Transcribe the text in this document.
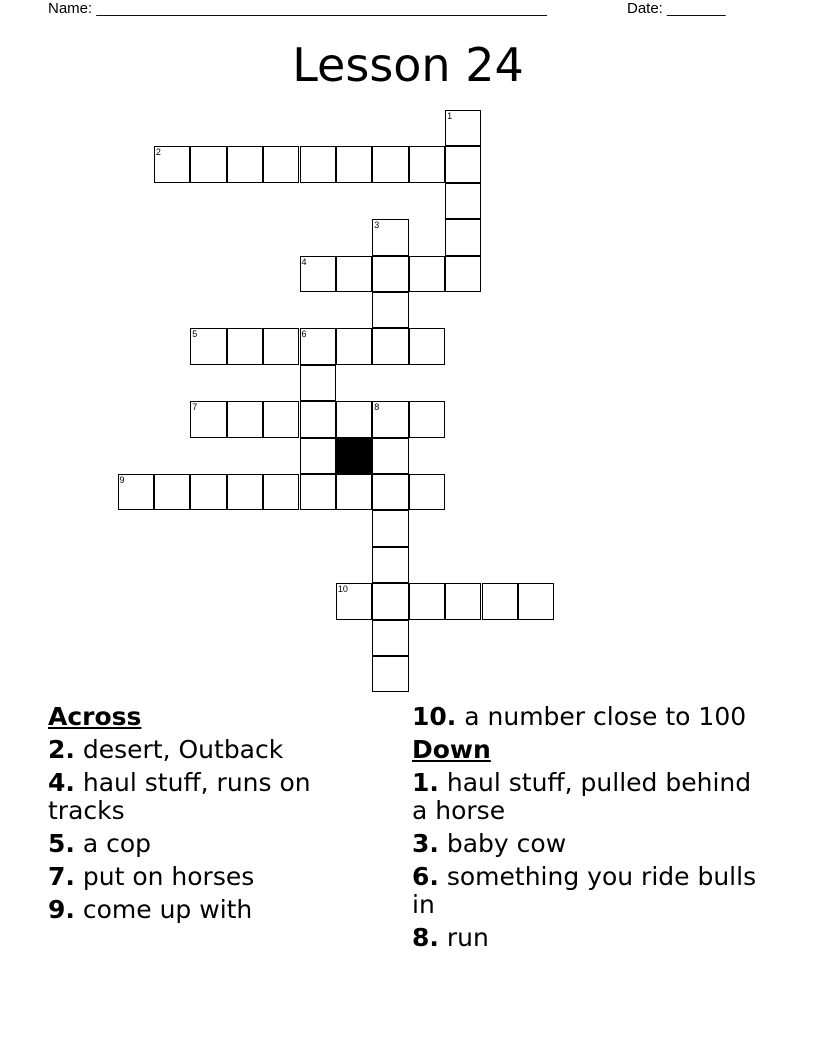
Name: ______________________________________________________	Date: _______
Lesson 24
1
2
3
4
5	6
7	8
9
10
Across
2. desert, Outback
4. haul stuff, runs on tracks
5. a cop
7. put on horses
9. come up with
10. a number close to 100
Down
1. haul stuff, pulled behind a horse
3. baby cow
6. something you ride bulls in
8. run
